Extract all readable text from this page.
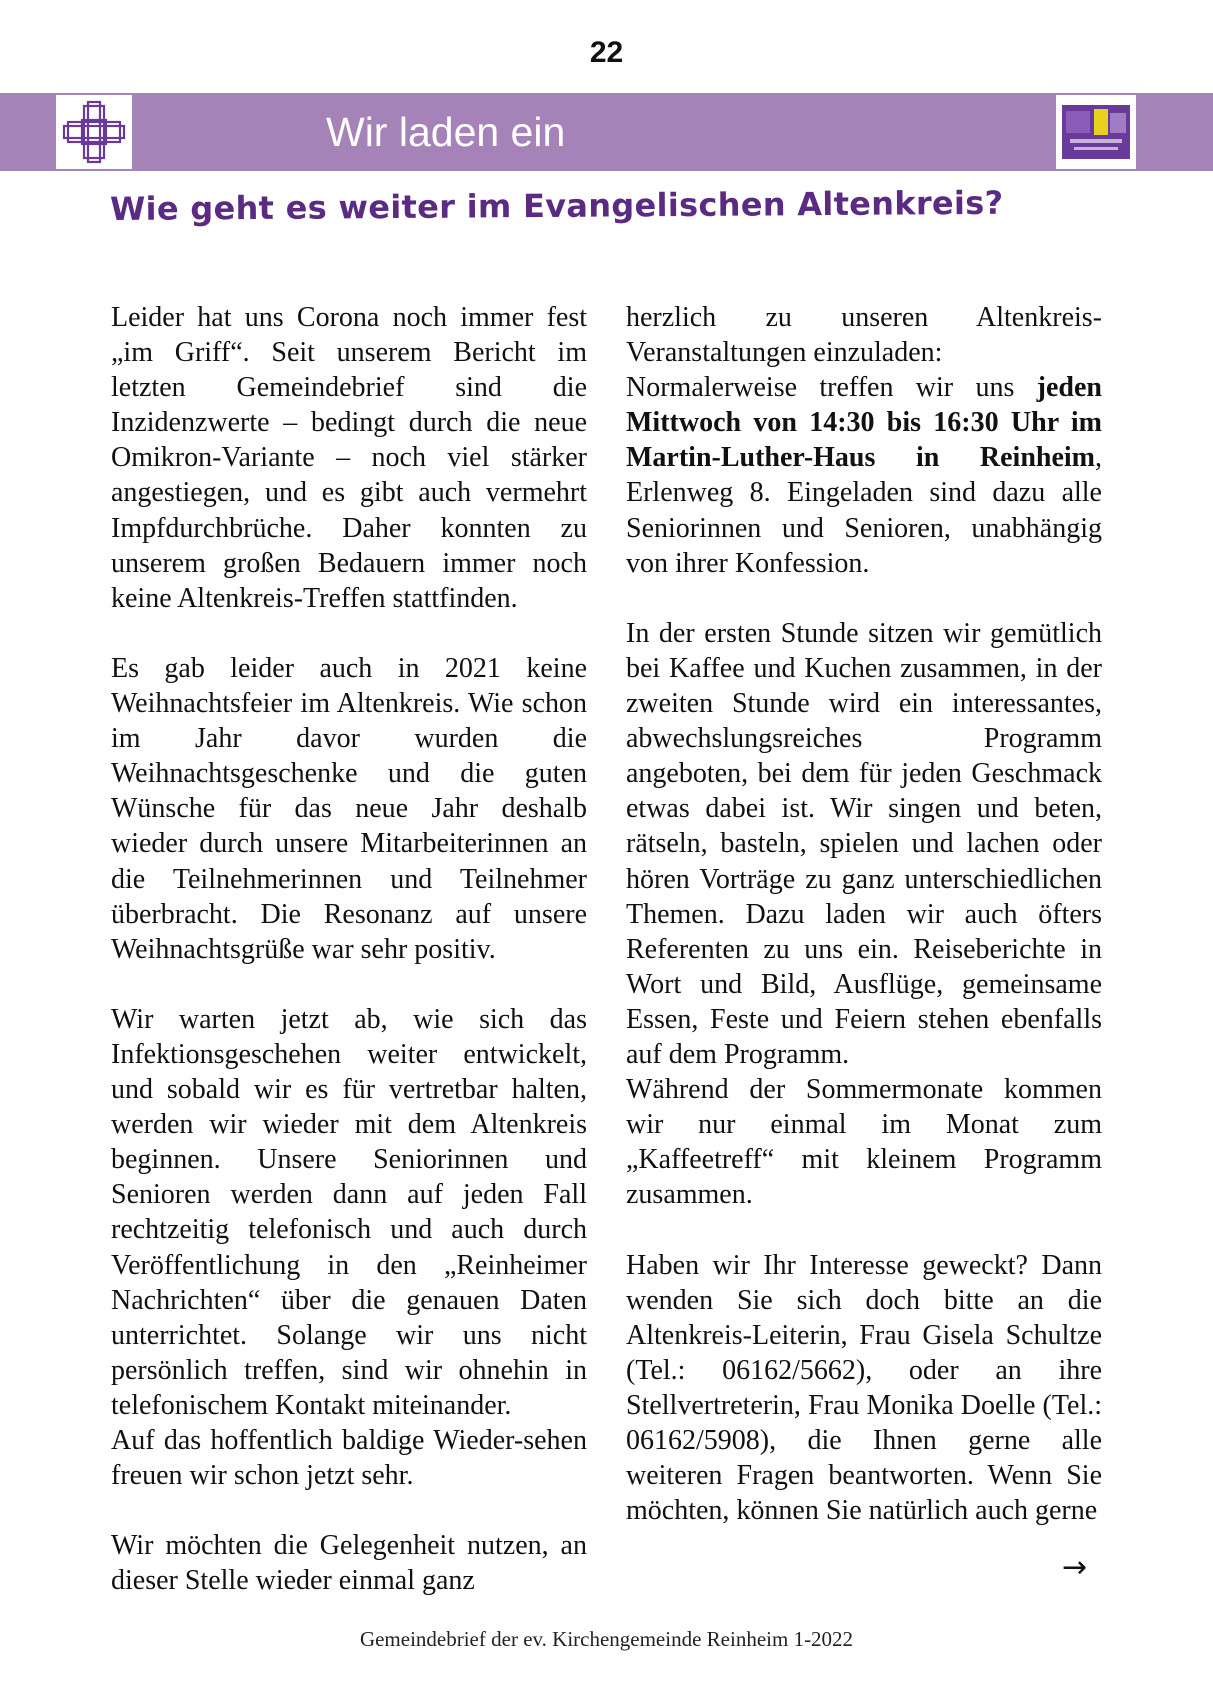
22
Wir laden ein
Wie geht es weiter im Evangelischen Altenkreis?

Leider hat uns Corona noch immer fest „im Griff“. Seit unserem Bericht im letzten Gemeindebrief sind die Inzidenzwerte – bedingt durch die neue Omikron-Variante – noch viel stärker angestiegen, und es gibt auch vermehrt Impfdurchbrüche. Daher konnten zu unserem großen Bedauern immer noch keine Altenkreis-Treffen stattfinden.

Es gab leider auch in 2021 keine Weihnachtsfeier im Altenkreis. Wie schon im Jahr davor wurden die Weihnachtsgeschenke und die guten Wünsche für das neue Jahr deshalb wieder durch unsere Mitarbeiterinnen an die Teilnehmerinnen und Teilnehmer überbracht. Die Resonanz auf unsere Weihnachtsgrüße war sehr positiv.

Wir warten jetzt ab, wie sich das Infektionsgeschehen weiter entwickelt, und sobald wir es für vertretbar halten, werden wir wieder mit dem Altenkreis beginnen. Unsere Seniorinnen und Senioren werden dann auf jeden Fall rechtzeitig telefonisch und auch durch Veröffentlichung in den „Reinheimer Nachrichten“ über die genauen Daten unterrichtet. Solange wir uns nicht persönlich treffen, sind wir ohnehin in telefonischem Kontakt miteinander.

Auf das hoffentlich baldige Wieder-sehen freuen wir schon jetzt sehr.

Wir möchten die Gelegenheit nutzen, an dieser Stelle wieder einmal ganz

herzlich zu unseren Altenkreis-Veranstaltungen einzuladen:

Normalerweise treffen wir uns jeden Mittwoch von 14:30 bis 16:30 Uhr im Martin-Luther-Haus in Reinheim, Erlenweg 8. Eingeladen sind dazu alle Seniorinnen und Senioren, unabhängig von ihrer Konfession.

In der ersten Stunde sitzen wir gemütlich bei Kaffee und Kuchen zusammen, in der zweiten Stunde wird ein interessantes, abwechslungsreiches Programm angeboten, bei dem für jeden Geschmack etwas dabei ist. Wir singen und beten, rätseln, basteln, spielen und lachen oder hören Vorträge zu ganz unterschiedlichen Themen. Dazu laden wir auch öfters Referenten zu uns ein. Reiseberichte in Wort und Bild, Ausflüge, gemeinsame Essen, Feste und Feiern stehen ebenfalls auf dem Programm.

Während der Sommermonate kommen wir nur einmal im Monat zum „Kaffeetreff“ mit kleinem Programm zusammen.

Haben wir Ihr Interesse geweckt? Dann wenden Sie sich doch bitte an die Altenkreis-Leiterin, Frau Gisela Schultze (Tel.: 06162/5662), oder an ihre Stellvertreterin, Frau Monika Doelle (Tel.: 06162/5908), die Ihnen gerne alle weiteren Fragen beantworten. Wenn Sie möchten, können Sie natürlich auch gerne

→
Gemeindebrief der ev. Kirchengemeinde Reinheim 1-2022
